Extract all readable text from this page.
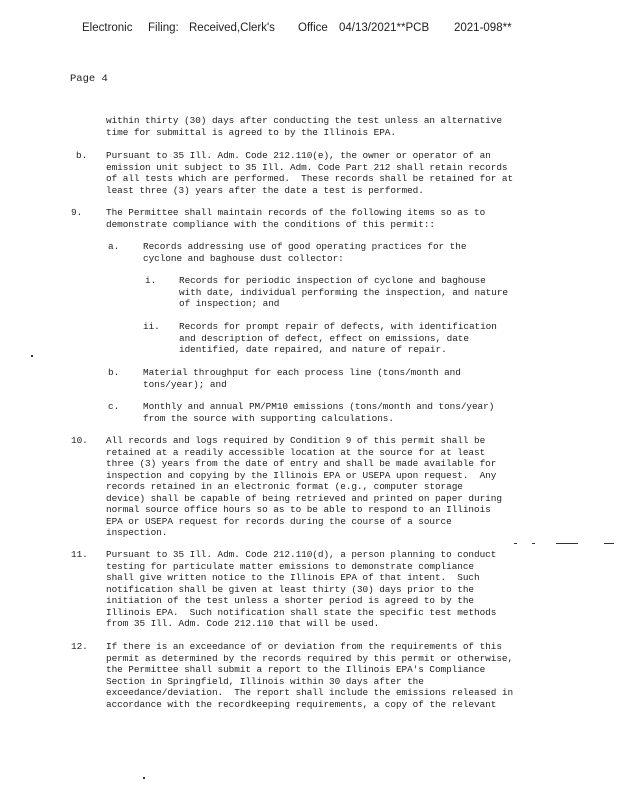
Electronic Filing: Received,Clerk's Office 04/13/2021**PCB 2021-098**
Page 4
within thirty (30) days after conducting the test unless an alternative
time for submittal is agreed to by the Illinois EPA.
b. Pursuant to 35 Ill. Adm. Code 212.110(e), the owner or operator of an
emission unit subject to 35 Ill. Adm. Code Part 212 shall retain records
of all tests which are performed.  These records shall be retained for at
least three (3) years after the date a test is performed.
9.	The Permittee shall maintain records of the following items so as to
demonstrate compliance with the conditions of this permit::
a.	Records addressing use of good operating practices for the
cyclone and baghouse dust collector:
i. Records for periodic inspection of cyclone and baghouse
with date, individual performing the inspection, and nature
of inspection; and
ii. Records for prompt repair of defects, with identification
and description of defect, effect on emissions, date
identified, date repaired, and nature of repair.
b.	Material throughput for each process line (tons/month and
tons/year); and
c.	Monthly and annual PM/PM10 emissions (tons/month and tons/year)
from the source with supporting calculations.
10. All records and logs required by Condition 9 of this permit shall be
retained at a readily accessible location at the source for at least
three (3) years from the date of entry and shall be made available for
inspection and copying by the Illinois EPA or USEPA upon request.  Any
records retained in an electronic format (e.g., computer storage
device) shall be capable of being retrieved and printed on paper during
normal source office hours so as to be able to respond to an Illinois
EPA or USEPA request for records during the course of a source
inspection.
11. Pursuant to 35 Ill. Adm. Code 212.110(d), a person planning to conduct
testing for particulate matter emissions to demonstrate compliance
shall give written notice to the Illinois EPA of that intent.  Such
notification shall be given at least thirty (30) days prior to the
initiation of the test unless a shorter period is agreed to by the
Illinois EPA.  Such notification shall state the specific test methods
from 35 Ill. Adm. Code 212.110 that will be used.
12. If there is an exceedance of or deviation from the requirements of this
permit as determined by the records required by this permit or otherwise,
the Permittee shall submit a report to the Illinois EPA's Compliance
Section in Springfield, Illinois within 30 days after the
exceedance/deviation.  The report shall include the emissions released in
accordance with the recordkeeping requirements, a copy of the relevant
